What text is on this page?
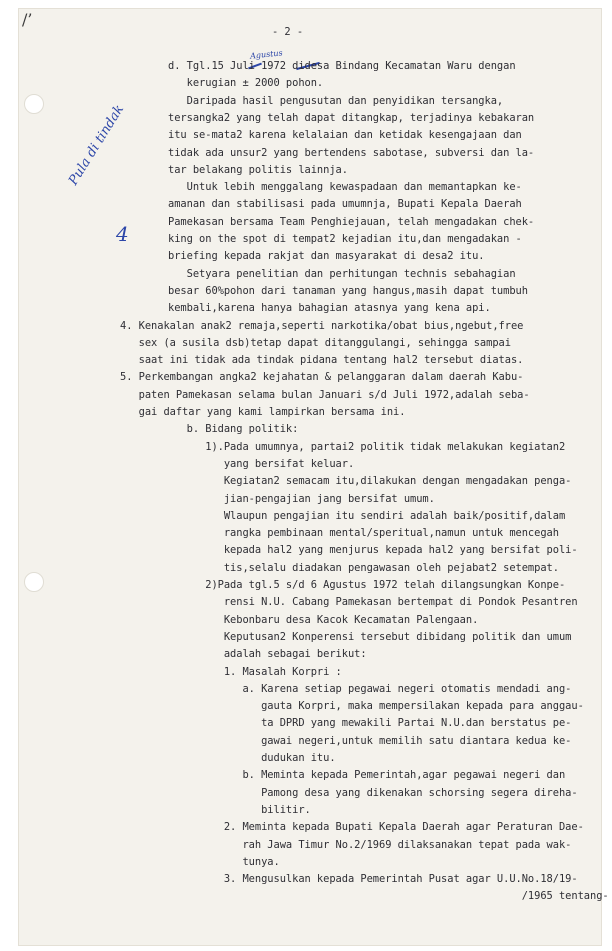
/’
- 2 -
Pula di tindak
4
Agustus
d. Tgl.15 Juli 1972 didesa Bindang Kecamatan Waru dengan
kerugian ± 2000 pohon.
Daripada hasil pengusutan dan penyidikan tersangka,
tersangka2 yang telah dapat ditangkap, terjadinya kebakaran
itu se-mata2 karena kelalaian dan ketidak kesengajaan dan
tidak ada unsur2 yang bertendens sabotase, subversi dan la-
tar belakang politis lainnja.
Untuk lebih menggalang kewaspadaan dan memantapkan ke-
amanan dan stabilisasi pada umumnja, Bupati Kepala Daerah
Pamekasan bersama Team Penghiejauan, telah mengadakan chek-
king on the spot di tempat2 kejadian itu,dan mengadakan -
briefing kepada rakjat dan masyarakat di desa2 itu.
Setyara penelitian dan perhitungan technis sebahagian
besar 60%pohon dari tanaman yang hangus,masih dapat tumbuh
kembali,karena hanya bahagian atasnya yang kena api.
4. Kenakalan anak2 remaja,seperti narkotika/obat bius,ngebut,free
sex (a susila dsb)tetap dapat ditanggulangi, sehingga sampai
saat ini tidak ada tindak pidana tentang hal2 tersebut diatas.
5. Perkembangan angka2 kejahatan & pelanggaran dalam daerah Kabu-
paten Pamekasan selama bulan Januari s/d Juli 1972,adalah seba-
gai daftar yang kami lampirkan bersama ini.
b. Bidang politik:
1).Pada umumnya, partai2 politik tidak melakukan kegiatan2
yang bersifat keluar.
Kegiatan2 semacam itu,dilakukan dengan mengadakan penga-
jian-pengajian jang bersifat umum.
Wlaupun pengajian itu sendiri adalah baik/positif,dalam
rangka pembinaan mental/speritual,namun untuk mencegah
kepada hal2 yang menjurus kepada hal2 yang bersifat poli-
tis,selalu diadakan pengawasan oleh pejabat2 setempat.
2)Pada tgl.5 s/d 6 Agustus 1972 telah dilangsungkan Konpe-
rensi N.U. Cabang Pamekasan bertempat di Pondok Pesantren
Kebonbaru desa Kacok Kecamatan Palengaan.
Keputusan2 Konperensi tersebut dibidang politik dan umum
adalah sebagai berikut:
1. Masalah Korpri :
a. Karena setiap pegawai negeri otomatis mendadi ang-
gauta Korpri, maka mempersilakan kepada para anggau-
ta DPRD yang mewakili Partai N.U.dan berstatus pe-
gawai negeri,untuk memilih satu diantara kedua ke-
dudukan itu.
b. Meminta kepada Pemerintah,agar pegawai negeri dan
Pamong desa yang dikenakan schorsing segera direha-
bilitir.
2. Meminta kepada Bupati Kepala Daerah agar Peraturan Dae-
rah Jawa Timur No.2/1969 dilaksanakan tepat pada wak-
tunya.
3. Mengusulkan kepada Pemerintah Pusat agar U.U.No.18/19-
/1965 tentang-
